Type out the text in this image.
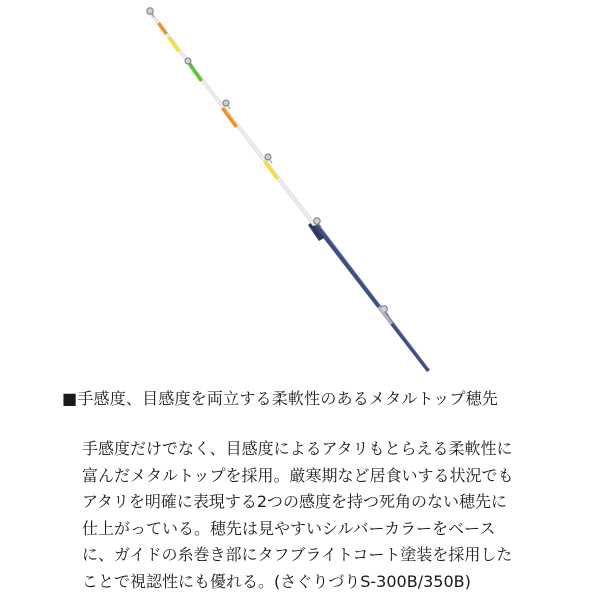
■手感度、目感度を両立する柔軟性のあるメタルトップ穂先

手感度だけでなく、目感度によるアタリもとらえる柔軟性に
富んだメタルトップを採用。厳寒期など居食いする状況でも
アタリを明確に表現する2つの感度を持つ死角のない穂先に
仕上がっている。穂先は見やすいシルバーカラーをベース
に、ガイドの糸巻き部にタフブライトコート塗装を採用した
ことで視認性にも優れる。(さぐりづりS-300B/350B)
